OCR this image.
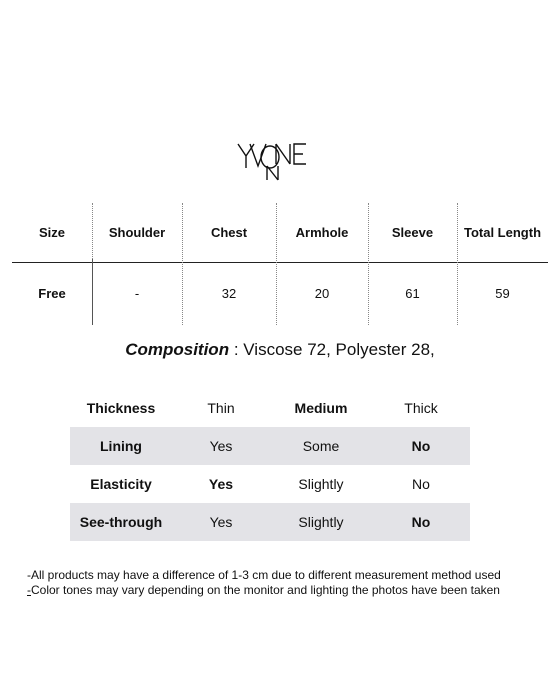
Size	Shoulder	Chest	Armhole	Sleeve	Total Length
Free	-	32	20	61	59
Composition : Viscose 72, Polyester 28,
Thickness	Thin	Medium	Thick
Lining	Yes	Some	No
Elasticity	Yes	Slightly	No
See-through	Yes	Slightly	No
-All products may have a difference of 1-3 cm due to different measurement method used
-Color tones may vary depending on the monitor and lighting the photos have been taken
